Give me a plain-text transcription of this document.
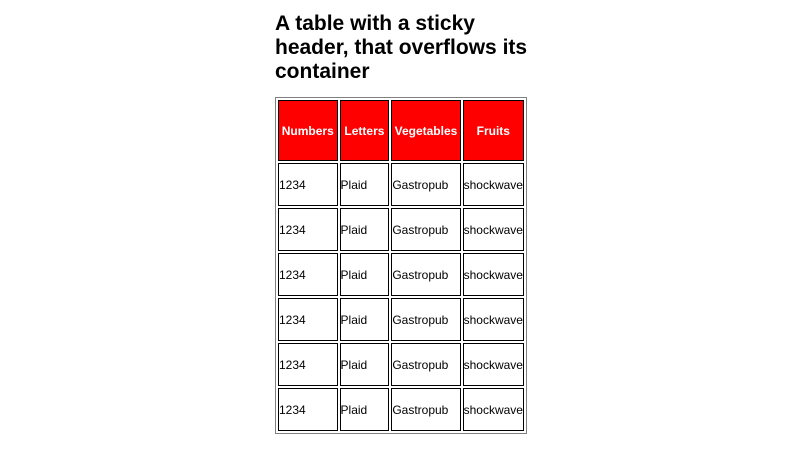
A table with a sticky header, that overflows its container
Numbers	Letters	Vegetables	Fruits
1234	Plaid	Gastropub	shockwave
1234	Plaid	Gastropub	shockwave
1234	Plaid	Gastropub	shockwave
1234	Plaid	Gastropub	shockwave
1234	Plaid	Gastropub	shockwave
1234	Plaid	Gastropub	shockwave
